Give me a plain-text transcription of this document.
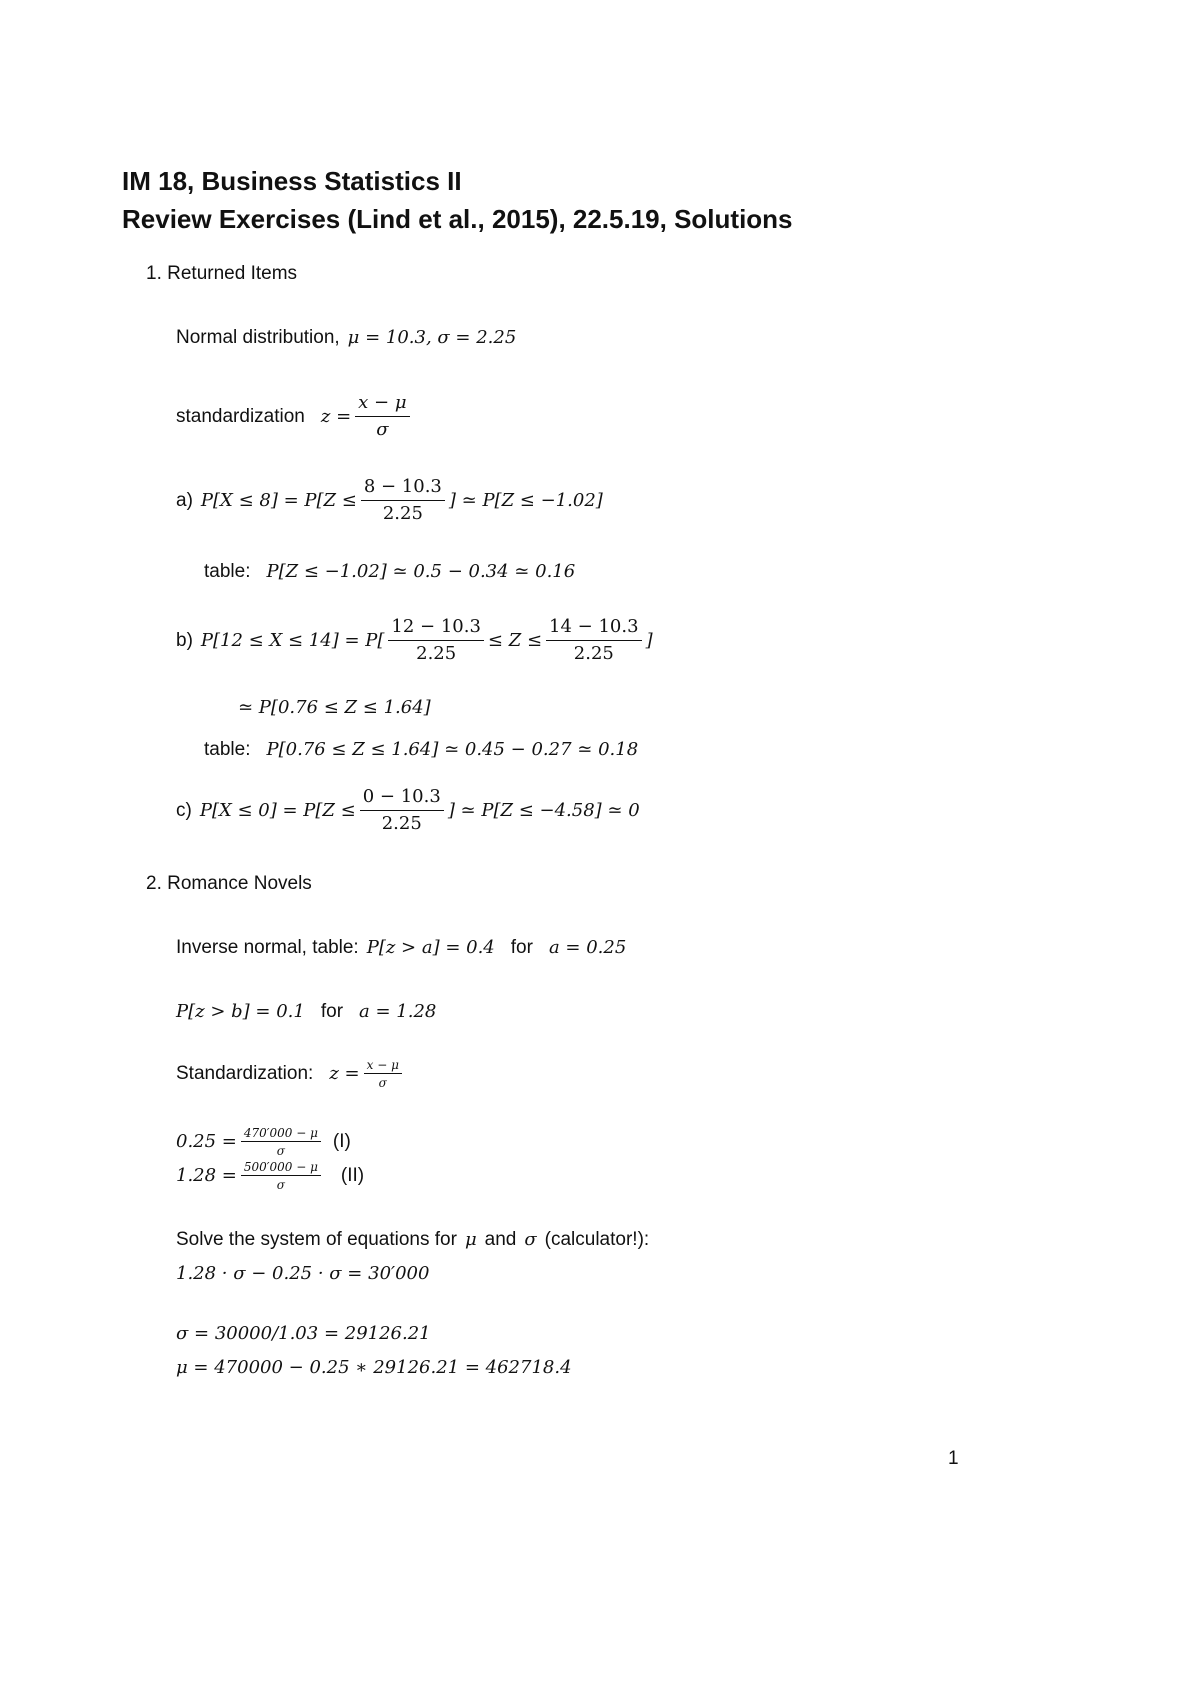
IM 18, Business Statistics II
Review Exercises (Lind et al., 2015), 22.5.19, Solutions
1. Returned Items
Normal distribution, μ = 10.3, σ = 2.25
standardization $z = \frac{x - \mu}{\sigma}$
a) $P[X \le 8] = P[Z \le \frac{8 - 10.3}{2.25}$ ] ≃ P[Z ≤ −1.02]
table: P[Z ≤ −1.02] ≃ 0.5 − 0.34 ≃ 0.16
b) $P[12 \le X \le 14] = P[ \frac{12 - 10.3}{2.25} \le Z \le \frac{14 - 10.3}{2.25}$ ]
≃ P[0.76 ≤ Z ≤ 1.64]
table: P[0.76 ≤ Z ≤ 1.64] ≃ 0.45 − 0.27 ≃ 0.18
c) $P[X \le 0] = P[Z \le \frac{0 - 10.3}{2.25}$ ] ≃ P[Z ≤ −4.58] ≃ 0
2. Romance Novels
Inverse normal, table: P[z > a] = 0.4 for a = 0.25
P[z > b] = 0.1 for a = 1.28
Standardization: $z = \frac{x - \mu}{\sigma}$
$0.25 = \frac{470'000 - \mu}{\sigma} (I)$
$1.28 = \frac{500'000 - \mu}{\sigma} (II)$
Solve the system of equations for μ and σ (calculator!):
1.28 · σ − 0.25 · σ = 30′000
σ = 30000/1.03 = 29126.21
μ = 470000 − 0.25 ∗ 29126.21 = 462718.4
1
